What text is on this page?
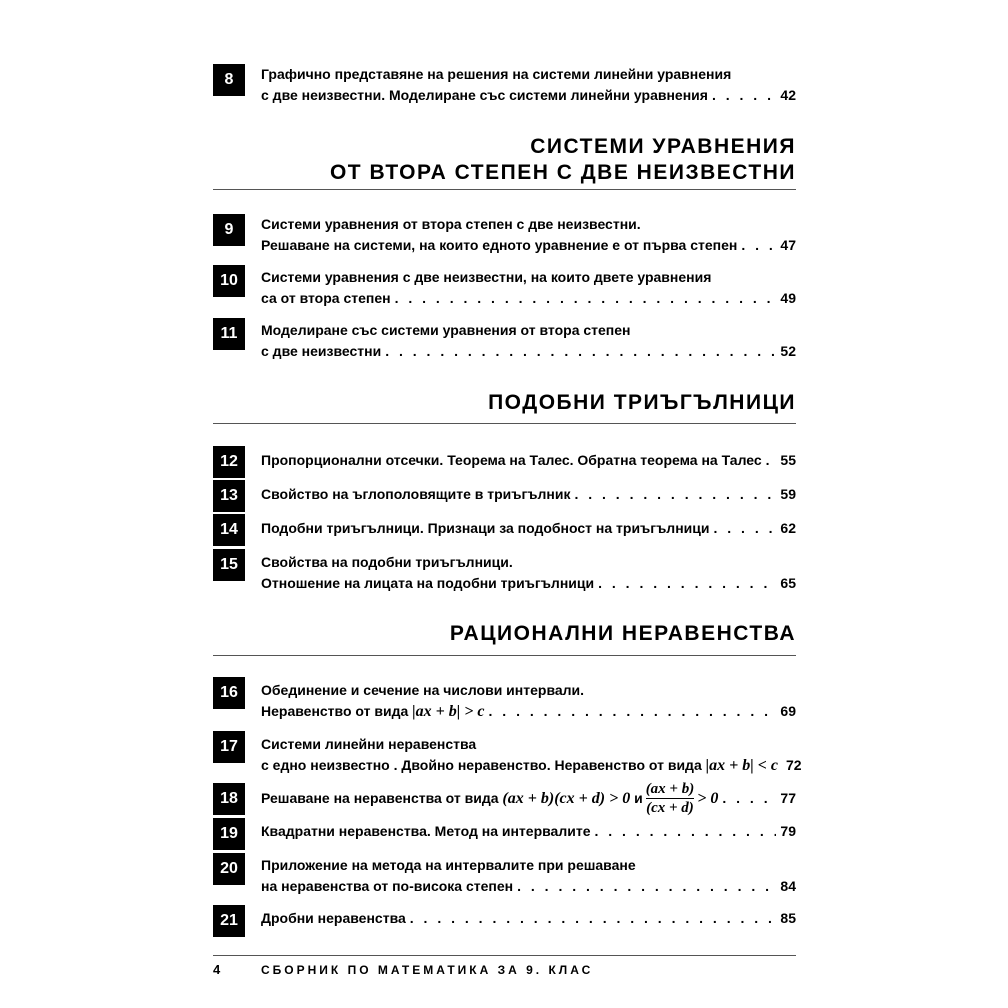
8	Графично представяне на решения на системи линейни уравнения
с две неизвестни. Моделиране със системи линейни уравнения . . .	42
СИСТЕМИ УРАВНЕНИЯ
ОТ ВТОРА СТЕПЕН С ДВЕ НЕИЗВЕСТНИ
9	Системи уравнения от втора степен с две неизвестни.
Решаване на системи, на които едното уравнение е от първа степен . . .	47
10	Системи уравнения с две неизвестни, на които двете уравнения
са от втора степен . . .	49
11	Моделиране със системи уравнения от втора степен
с две неизвестни . . .	52
ПОДОБНИ ТРИЪГЪЛНИЦИ
12	Пропорционални отсечки. Теорема на Талес. Обратна теорема на Талес . . . 55
13	Свойство на ъглополовящите в триъгълник . . .	59
14	Подобни триъгълници. Признаци за подобност на триъгълници . . .	62
15	Свойства на подобни триъгълници.
Отношение на лицата на подобни триъгълници . . .	65
РАЦИОНАЛНИ НЕРАВЕНСТВА
16	Обединение и сечение на числови интервали.
Неравенство от вида
|ax + b| > c . . .	69
17	Системи линейни неравенства
с едно неизвестно . Двойно неравенство. Неравенство от вида
|ax + b| < c 72
18	Решаване на неравенства от вида
(ax + b)(cx + d) > 0
и $\frac{(ax + b)}{(cx + d)} > 0$ . . .	77
19	Квадратни неравенства. Метод на интервалите . . .	79
20	Приложение на метода на интервалите при решаване
на неравенства от по-висока степен . . .	84
21	Дробни неравенства . . .	85
4	СБОРНИК ПО МАТЕМАТИКА ЗА 9. КЛАС
